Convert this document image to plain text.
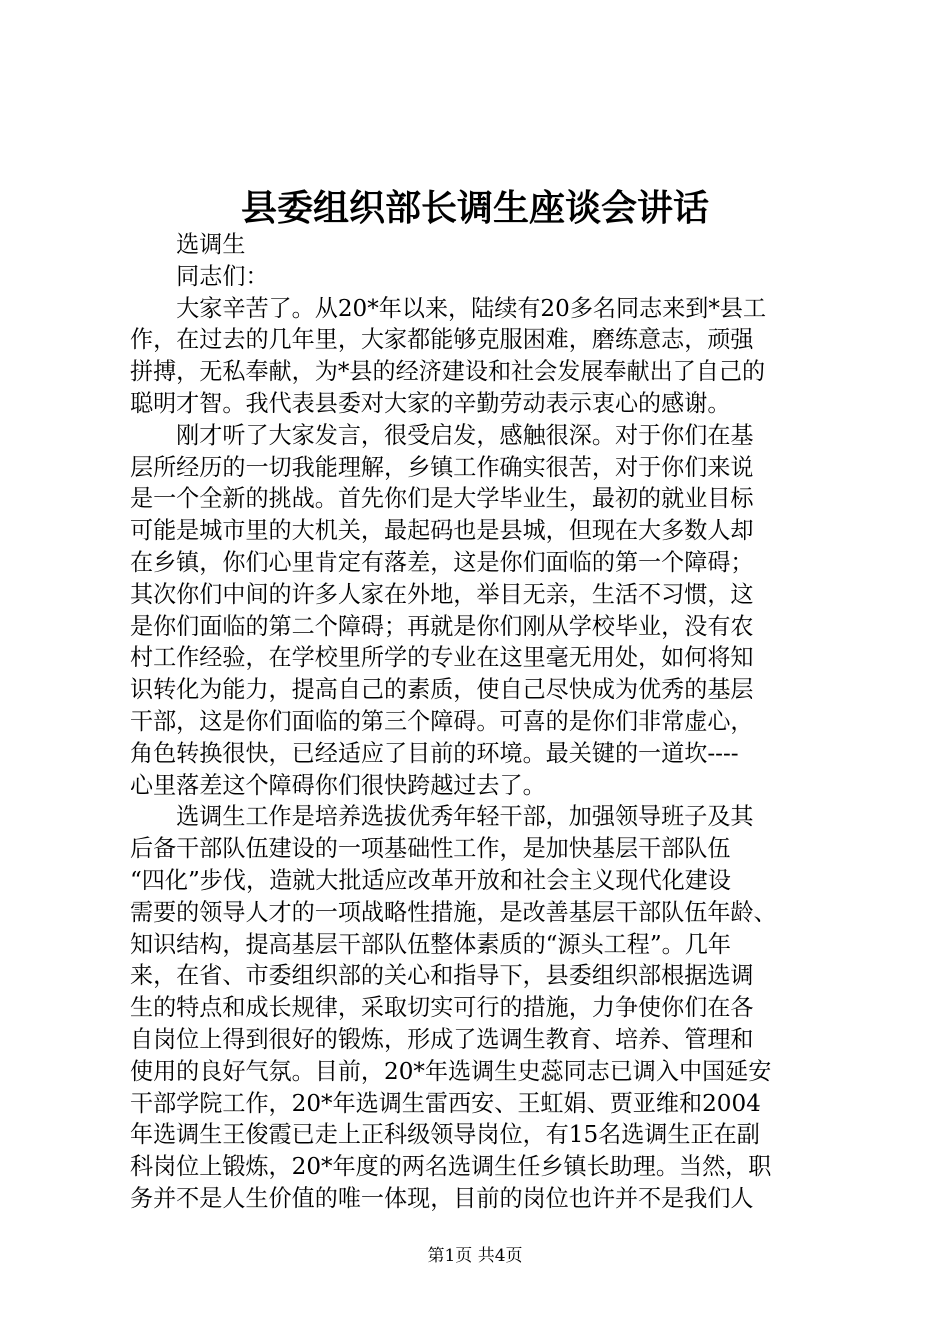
县委组织部长调生座谈会讲话
　　选调生
　　同志们：
　　大家辛苦了。从20*年以来，陆续有20多名同志来到*县工
作，在过去的几年里，大家都能够克服困难，磨练意志，顽强
拼搏，无私奉献，为*县的经济建设和社会发展奉献出了自己的
聪明才智。我代表县委对大家的辛勤劳动表示衷心的感谢。
　　刚才听了大家发言，很受启发，感触很深。对于你们在基
层所经历的一切我能理解，乡镇工作确实很苦，对于你们来说
是一个全新的挑战。首先你们是大学毕业生，最初的就业目标
可能是城市里的大机关，最起码也是县城，但现在大多数人却
在乡镇，你们心里肯定有落差，这是你们面临的第一个障碍；
其次你们中间的许多人家在外地，举目无亲，生活不习惯，这
是你们面临的第二个障碍；再就是你们刚从学校毕业，没有农
村工作经验，在学校里所学的专业在这里毫无用处，如何将知
识转化为能力，提高自己的素质，使自己尽快成为优秀的基层
干部，这是你们面临的第三个障碍。可喜的是你们非常虚心，
角色转换很快，已经适应了目前的环境。最关键的一道坎----
心里落差这个障碍你们很快跨越过去了。
　　选调生工作是培养选拔优秀年轻干部，加强领导班子及其
后备干部队伍建设的一项基础性工作，是加快基层干部队伍
“四化”步伐，造就大批适应改革开放和社会主义现代化建设
需要的领导人才的一项战略性措施，是改善基层干部队伍年龄、
知识结构，提高基层干部队伍整体素质的“源头工程”。几年
来，在省、市委组织部的关心和指导下，县委组织部根据选调
生的特点和成长规律，采取切实可行的措施，力争使你们在各
自岗位上得到很好的锻炼，形成了选调生教育、培养、管理和
使用的良好气氛。目前，20*年选调生史蕊同志已调入中国延安
干部学院工作，20*年选调生雷西安、王虹娟、贾亚维和2004
年选调生王俊霞已走上正科级领导岗位，有15名选调生正在副
科岗位上锻炼，20*年度的两名选调生任乡镇长助理。当然，职
务并不是人生价值的唯一体现，目前的岗位也许并不是我们人
第1页 共4页
